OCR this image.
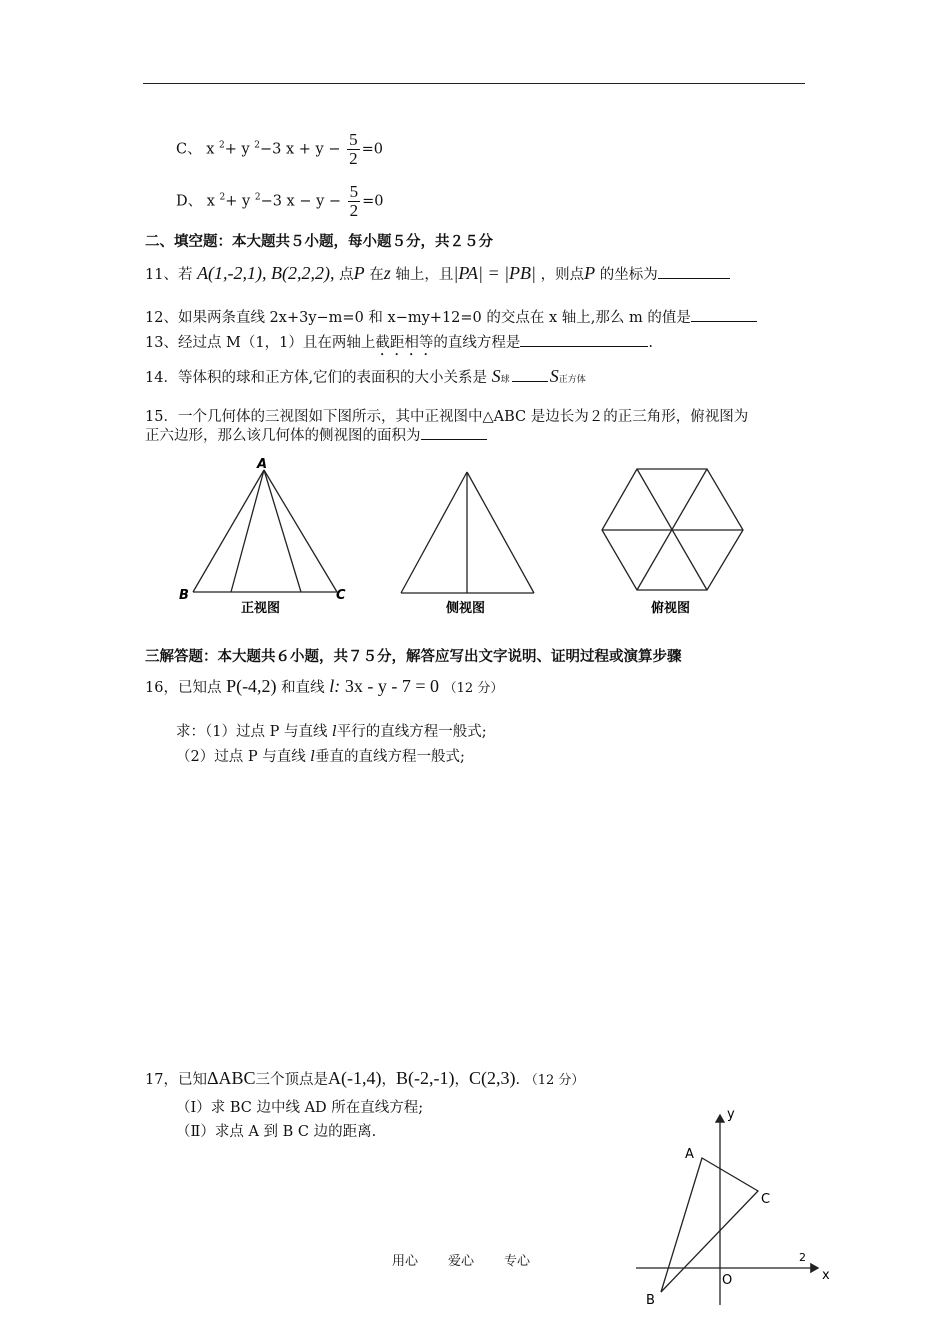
C、 x $^2$+ y $^2$−3 $x + y - \frac{5}{2} =0$
D、 x $^2$+ y $^2$−3 $x - y - \frac{5}{2} =0$
二、填空题：本大题共５小题，每小题５分，共２５分
11、若 A(1,-2,1), B(2,2,2), 点P 在z 轴上，且|PA| = |PB| ，则点P 的坐标为
12、如果两条直线 2x+3y−m=0 和 x−my+12=0 的交点在 x 轴上,那么 m 的值是
13、经过点 M（1，1）且在两轴上截距相等的直线方程是	.
14．等体积的球和正方体,它们的表面积的大小关系是 S球 S正方体
15．一个几何体的三视图如下图所示，其中正视图中△ABC 是边长为２的正三角形，俯视图为
正六边形，那么该几何体的侧视图的面积为
A
B	C
正视图	侧视图	俯视图
三解答题：本大题共６小题，共７５分，解答应写出文字说明、证明过程或演算步骤
16，已知点 P(-4,2) 和直线 l: 3x - y - 7 = 0 （12 分）
求：（1）过点 P 与直线 l平行的直线方程一般式;
（2）过点 P 与直线 l垂直的直线方程一般式;
17，已知ΔABC三个顶点是A(-1,4)，B(-2,-1)，C(2,3). （12 分）
（Ⅰ）求 BC 边中线 AD 所在直线方程;
（Ⅱ）求点 A 到 B C 边的距离.
y
x
O
A
B
C
2
用心 爱心 专心
